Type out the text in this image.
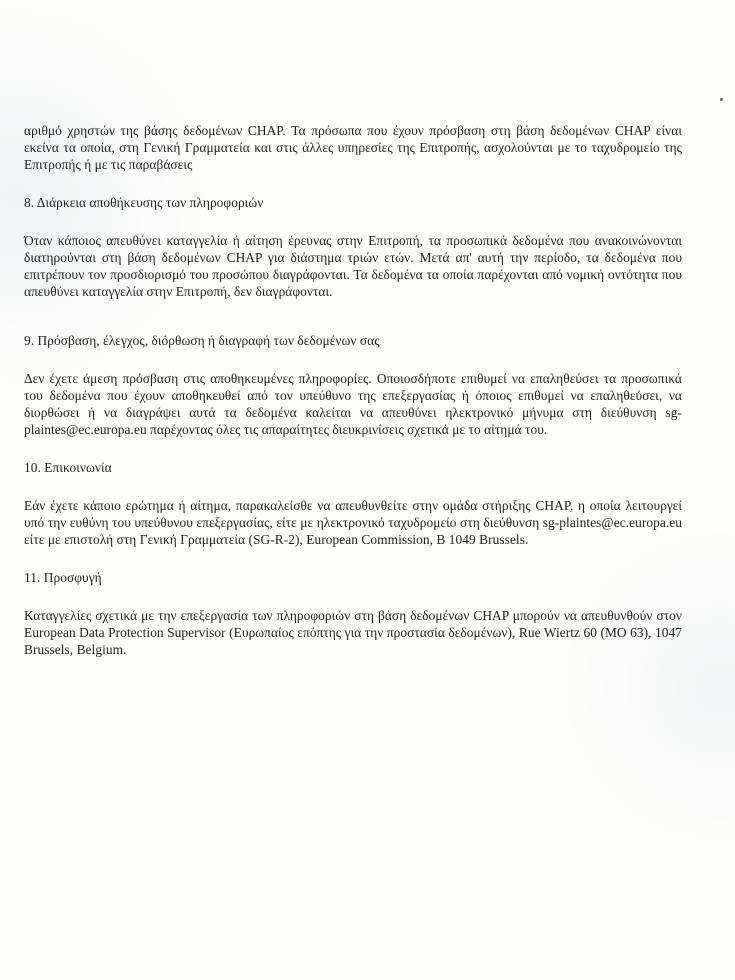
αριθμό χρηστών της βάσης δεδομένων CHAP. Τα πρόσωπα που έχουν πρόσβαση στη βάση δεδομένων CHAP είναι εκείνα τα οποία, στη Γενική Γραμματεία και στις άλλες υπηρεσίες της Επιτροπής, ασχολούνται με το ταχυδρομείο της Επιτροπής ή με τις παραβάσεις

8. Διάρκεια αποθήκευσης των πληροφοριών

Όταν κάποιος απευθύνει καταγγελία ή αίτηση έρευνας στην Επιτροπή, τα προσωπικά δεδομένα που ανακοινώνονται διατηρούνται στη βάση δεδομένων CHAP για διάστημα τριών ετών. Μετά απ' αυτή την περίοδο, τα δεδομένα που επιτρέπουν τον προσδιορισμό του προσώπου διαγράφονται. Τα δεδομένα τα οποία παρέχονται από νομική οντότητα που απευθύνει καταγγελία στην Επιτροπή, δεν διαγράφονται.

9. Πρόσβαση, έλεγχος, διόρθωση ή διαγραφή των δεδομένων σας

Δεν έχετε άμεση πρόσβαση στις αποθηκευμένες πληροφορίες. Οποιοσδήποτε επιθυμεί να επαληθεύσει τα προσωπικά του δεδομένα που έχουν αποθηκευθεί από τον υπεύθυνο της επεξεργασίας ή όποιος επιθυμεί να επαληθεύσει, να διορθώσει ή να διαγράψει αυτά τα δεδομένα καλείται να απευθύνει ηλεκτρονικό μήνυμα στη διεύθυνση sg-plaintes@ec.europa.eu παρέχοντας όλες τις απαραίτητες διευκρινίσεις σχετικά με το αίτημά του.

10. Επικοινωνία

Εάν έχετε κάποιο ερώτημα ή αίτημα, παρακαλείσθε να απευθυνθείτε στην ομάδα στήριξης CHAP, η οποία λειτουργεί υπό την ευθύνη του υπεύθυνου επεξεργασίας, είτε με ηλεκτρονικό ταχυδρομείο στη διεύθυνση sg-plaintes@ec.europa.eu είτε με επιστολή στη Γενική Γραμματεία (SG-R-2), European Commission, B 1049 Brussels.

11. Προσφυγή

Καταγγελίες σχετικά με την επεξεργασία των πληροφοριών στη βάση δεδομένων CHAP μπορούν να απευθυνθούν στον European Data Protection Supervisor (Ευρωπαίος επόπτης για την προστασία δεδομένων), Rue Wiertz 60 (MO 63), 1047 Brussels, Belgium.
